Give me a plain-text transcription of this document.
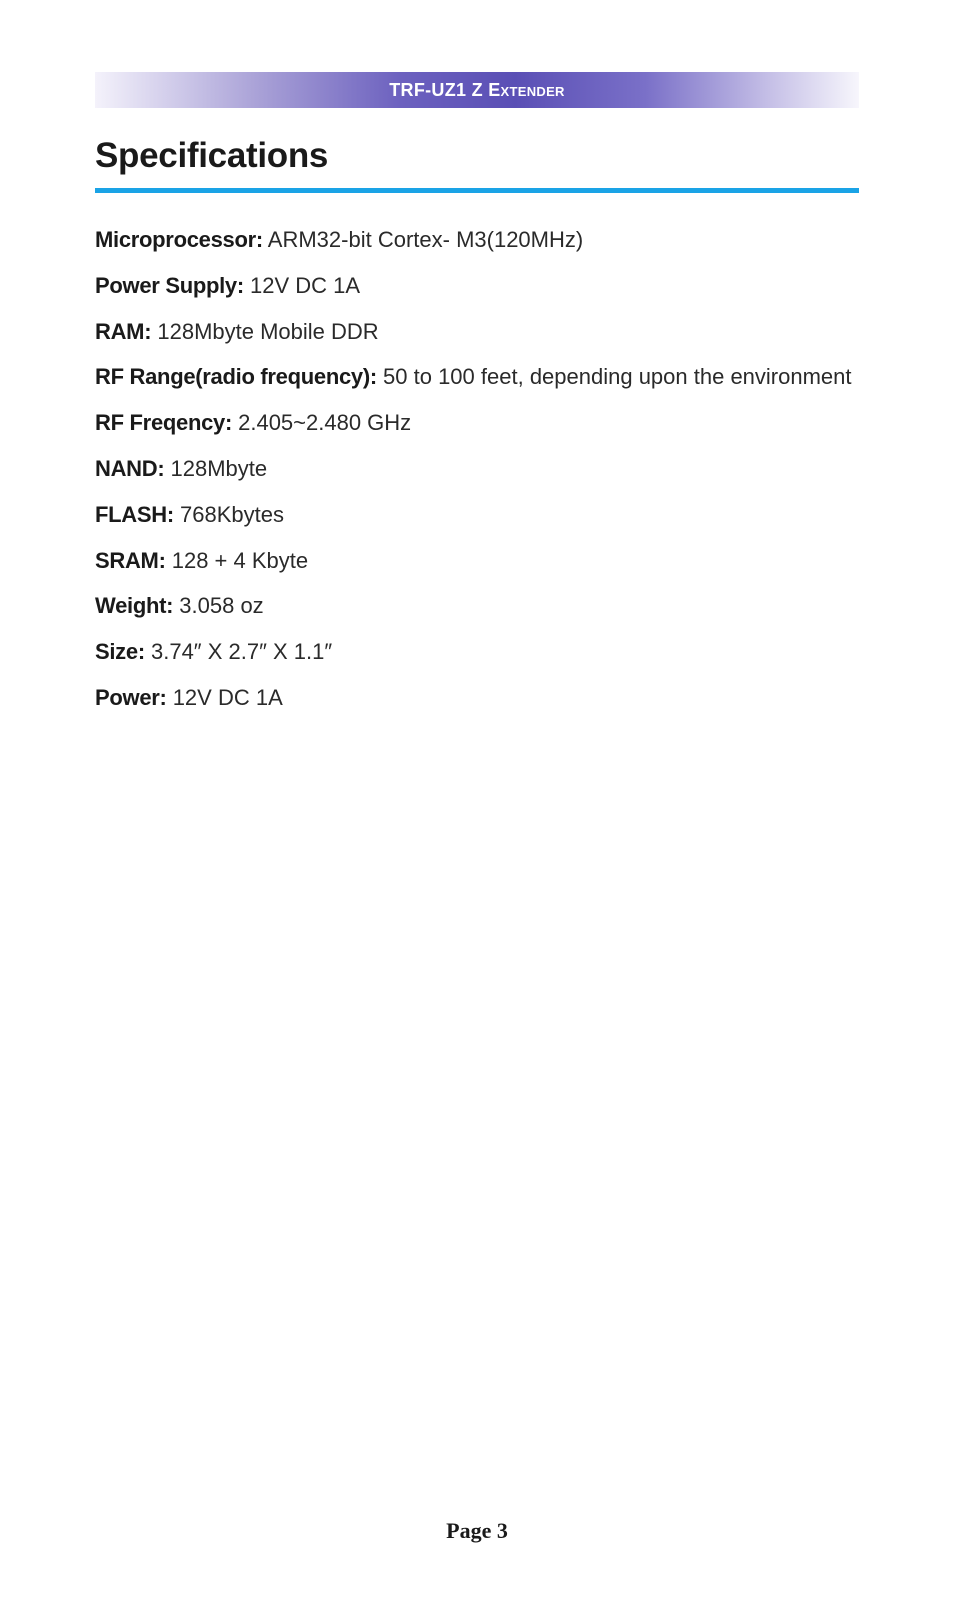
TRF-UZ1 Z Extender
Specifications
Microprocessor: ARM32-bit Cortex- M3(120MHz)
Power Supply: 12V DC 1A
RAM: 128Mbyte Mobile DDR
RF Range(radio frequency): 50 to 100 feet, depending upon the environment
RF Freqency: 2.405~2.480 GHz
NAND: 128Mbyte
FLASH: 768Kbytes
SRAM: 128 + 4 Kbyte
Weight: 3.058 oz
Size: 3.74″ X 2.7″ X 1.1″
Power: 12V DC 1A
Page 3
